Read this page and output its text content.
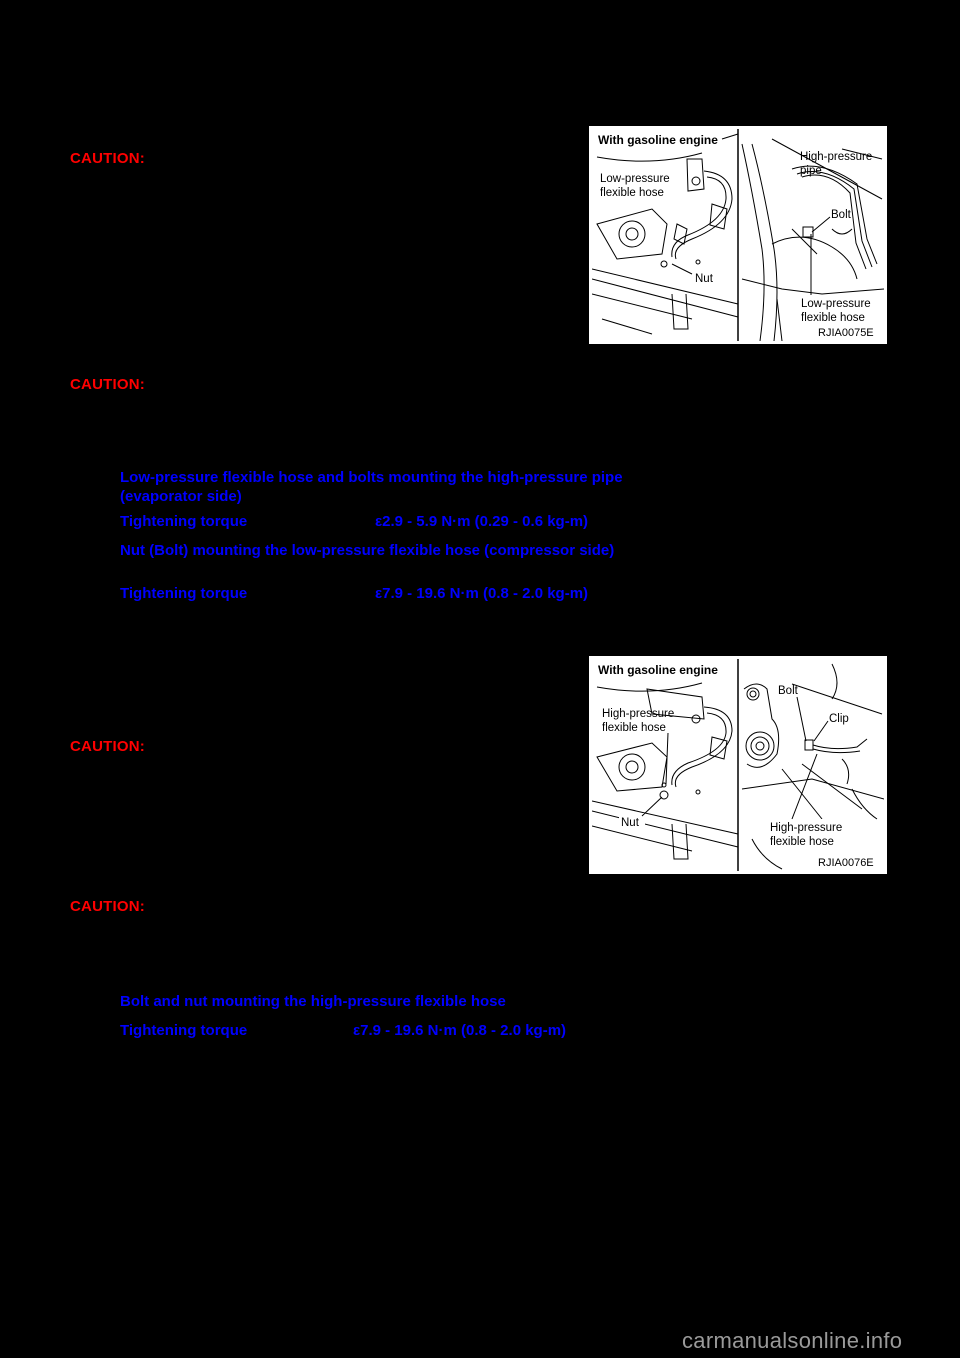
CAUTION:
With gasoline engine
Low-pressure
flexible hose
Nut
High-pressure
pipe
Bolt
Low-pressure
flexible hose
RJIA0075E
CAUTION:
Low-pressure flexible hose and bolts mounting the high-pressure pipe (evaporator side)
Tightening torque	ε2.9 - 5.9 N·m (0.29 - 0.6 kg-m)
Nut (Bolt) mounting the low-pressure flexible hose (compressor side)
Tightening torque	ε7.9 - 19.6 N·m (0.8 - 2.0 kg-m)
With gasoline engine
High-pressure
flexible hose
Nut
Bolt
Clip
High-pressure
flexible hose
RJIA0076E
CAUTION:
CAUTION:
Bolt and nut mounting the high-pressure flexible hose
Tightening torque	ε7.9 - 19.6 N·m (0.8 - 2.0 kg-m)
carmanualsonline.info
